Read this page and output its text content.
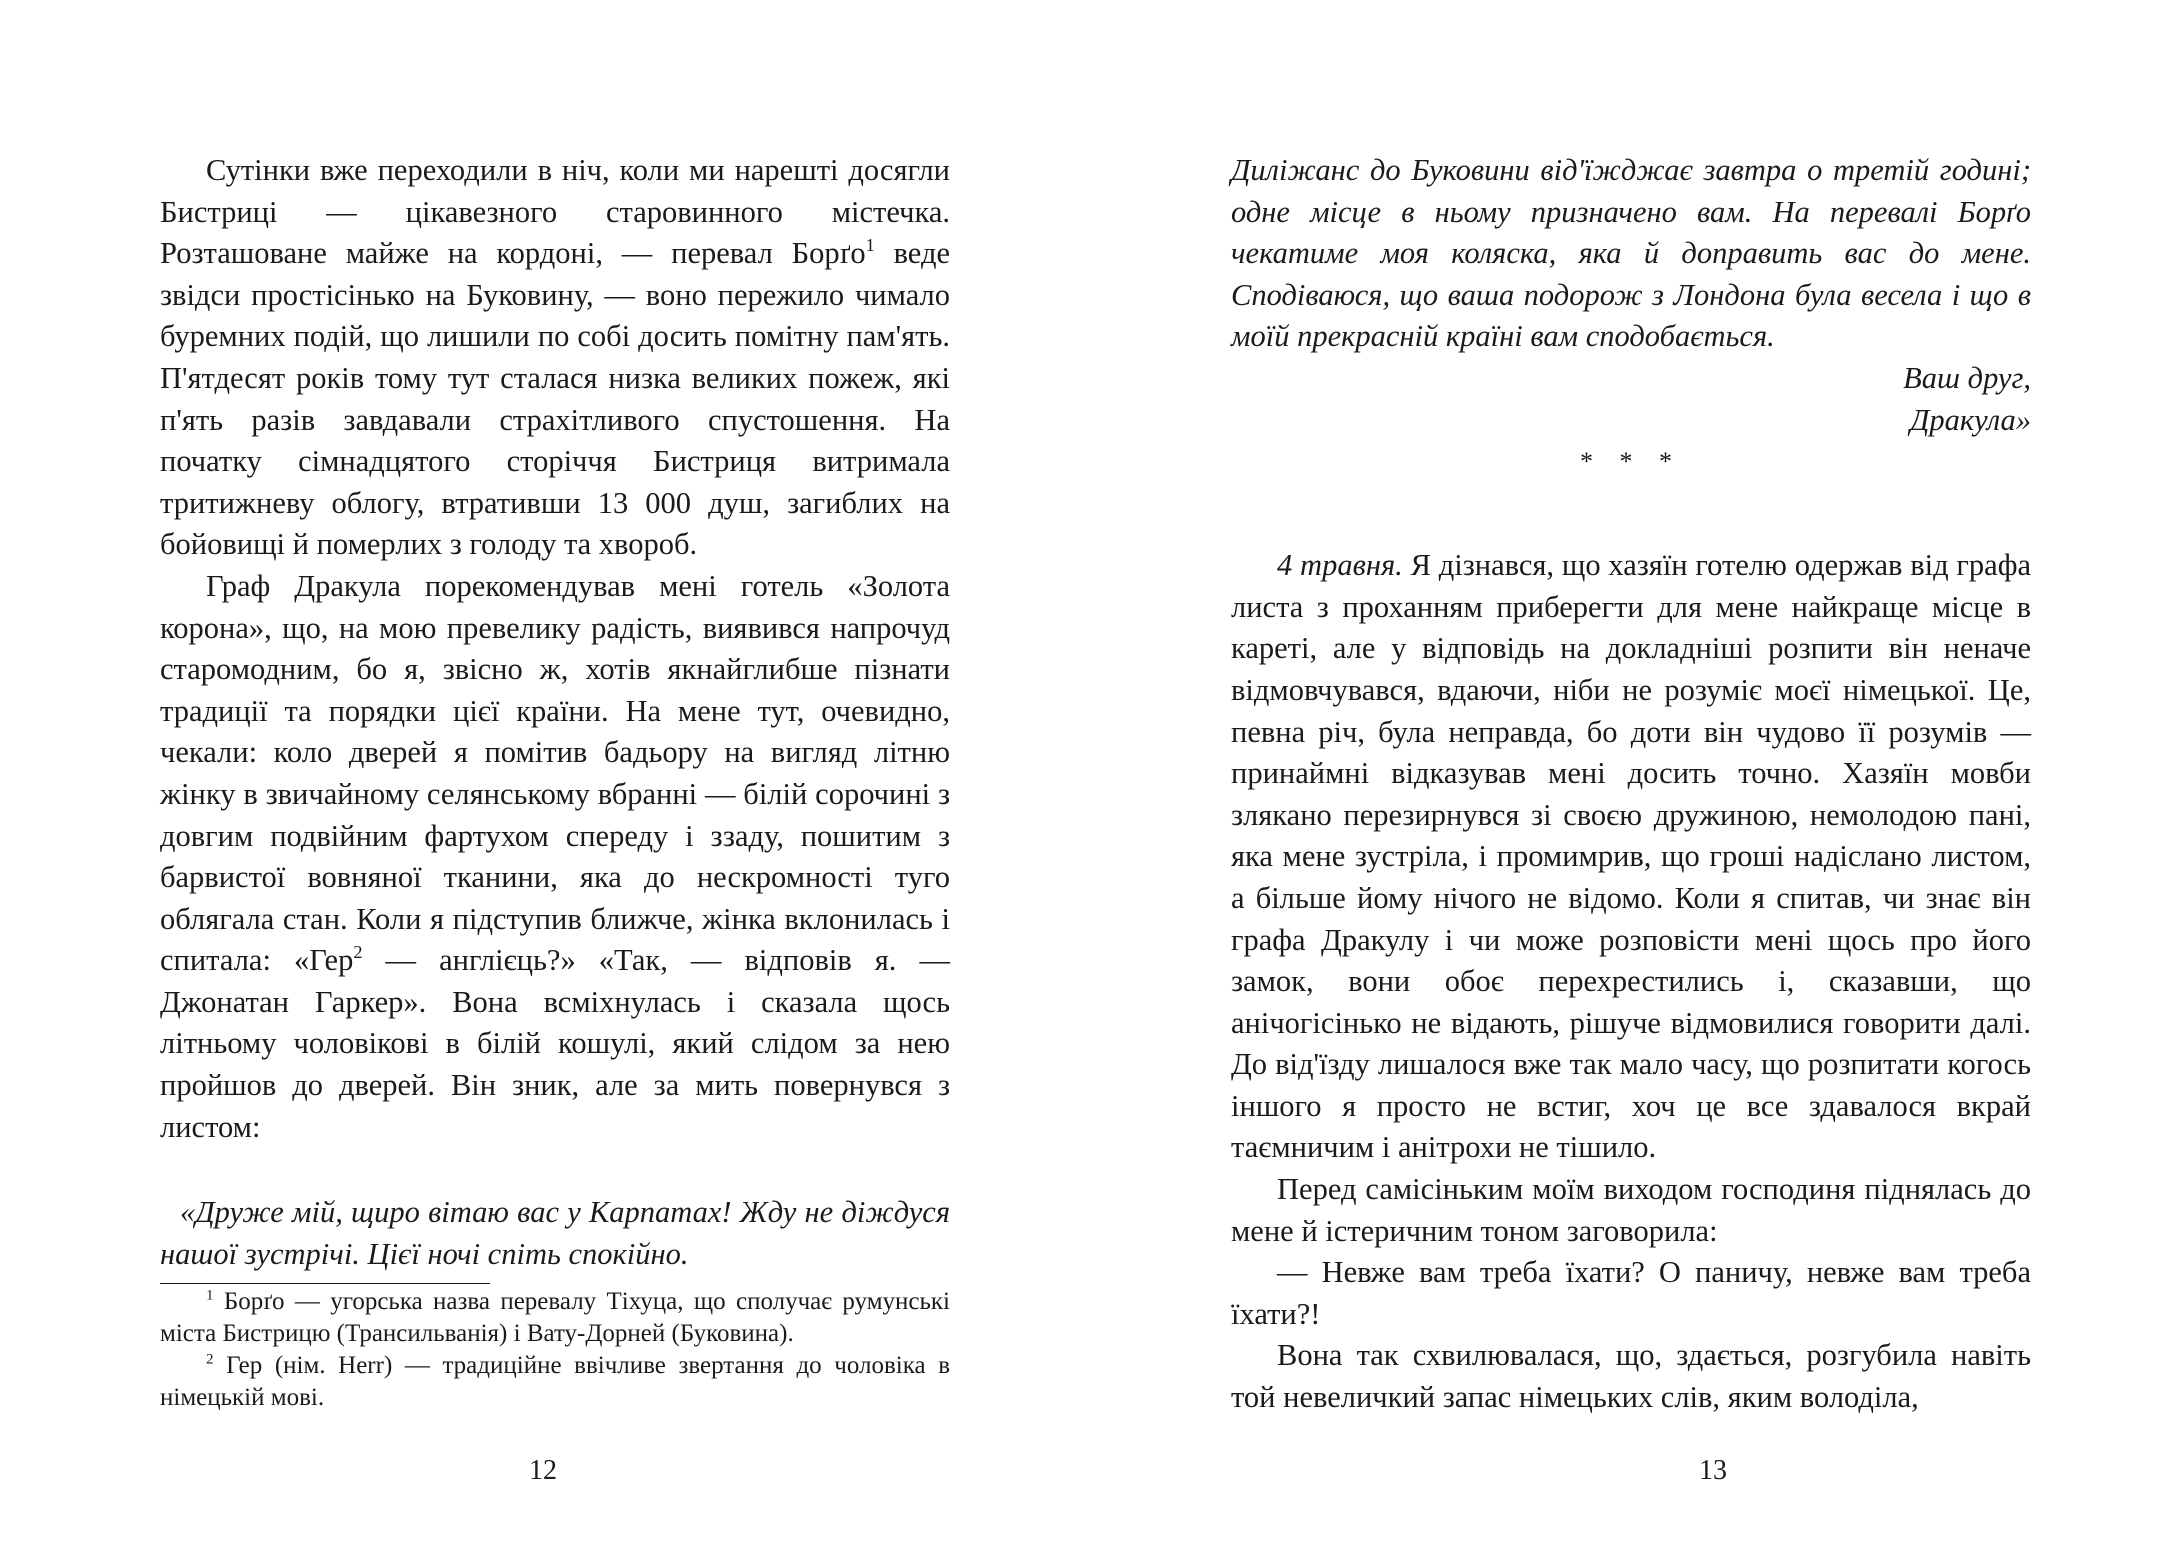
Сутінки вже переходили в ніч, коли ми нарешті досягли Бистриці — цікавезного старовинного містечка. Розташоване майже на кордоні, — перевал Борґо$^1$ веде звідси простісінько на Буковину, — воно пережило чимало буремних подій, що лишили по собі досить помітну пам'ять. П'ятдесят років тому тут сталася низка великих пожеж, які п'ять разів завдавали страхітливого спустошення. На початку сімнадцятого сторіччя Бистриця витримала тритижневу облогу, втративши 13 000 душ, загиблих на бойовищі й померлих з голоду та хвороб.

Граф Дракула порекомендував мені готель «Золота корона», що, на мою превелику радість, виявився напрочуд старомодним, бо я, звісно ж, хотів якнайглибше пізнати традиції та порядки цієї країни. На мене тут, очевидно, чекали: коло дверей я помітив бадьору на вигляд літню жінку в звичайному селянському вбранні — білій сорочині з довгим подвійним фартухом спереду і ззаду, пошитим з барвистої вовняної тканини, яка до нескромності туго облягала стан. Коли я підступив ближче, жінка вклонилась і спитала: «Гер$^2$ — англієць?» «Так, — відповів я. — Джонатан Гаркер». Вона всміхнулась і сказала щось літньому чоловікові в білій кошулі, який слідом за нею пройшов до дверей. Він зник, але за мить повернувся з листом:

«Друже мій, щиро вітаю вас у Карпатах! Жду не діждуся нашої зустрічі. Цієї ночі спіть спокійно.

$^1$ Борґо — угорська назва перевалу Тіхуца, що сполучає румунські міста Бистрицю (Трансильванія) і Вату-Дорней (Буковина).

$^2$ Гер (нім. Herr) — традиційне ввічливе звертання до чоловіка в німецькій мові.

12

Диліжанс до Буковини від'їжджає завтра о третій годині; одне місце в ньому призначено вам. На перевалі Борґо чекатиме моя коляска, яка й доправить вас до мене. Сподіваюся, що ваша подорож з Лондона була весела і що в моїй прекрасній країні вам сподобається.

Ваш друг,

Дракула»

* * *

4 травня. Я дізнався, що хазяїн готелю одержав від графа листа з проханням приберегти для мене найкраще місце в кареті, але у відповідь на докладніші розпити він неначе відмовчувався, вдаючи, ніби не розуміє моєї німецької. Це, певна річ, була неправда, бо доти він чудово її розумів — принаймні відказував мені досить точно. Хазяїн мовби злякано перезирнувся зі своєю дружиною, немолодою пані, яка мене зустріла, і промимрив, що гроші надіслано листом, а більше йому нічого не відомо. Коли я спитав, чи знає він графа Дракулу і чи може розповісти мені щось про його замок, вони обоє перехрестились і, сказавши, що анічогісінько не відають, рішуче відмовилися говорити далі. До від'їзду лишалося вже так мало часу, що розпитати когось іншого я просто не встиг, хоч це все здавалося вкрай таємничим і анітрохи не тішило.

Перед самісіньким моїм виходом господиня піднялась до мене й істеричним тоном заговорила:

— Невже вам треба їхати? О паничу, невже вам треба їхати?!

Вона так схвилювалася, що, здається, розгубила навіть той невеличкий запас німецьких слів, яким володіла,

13
